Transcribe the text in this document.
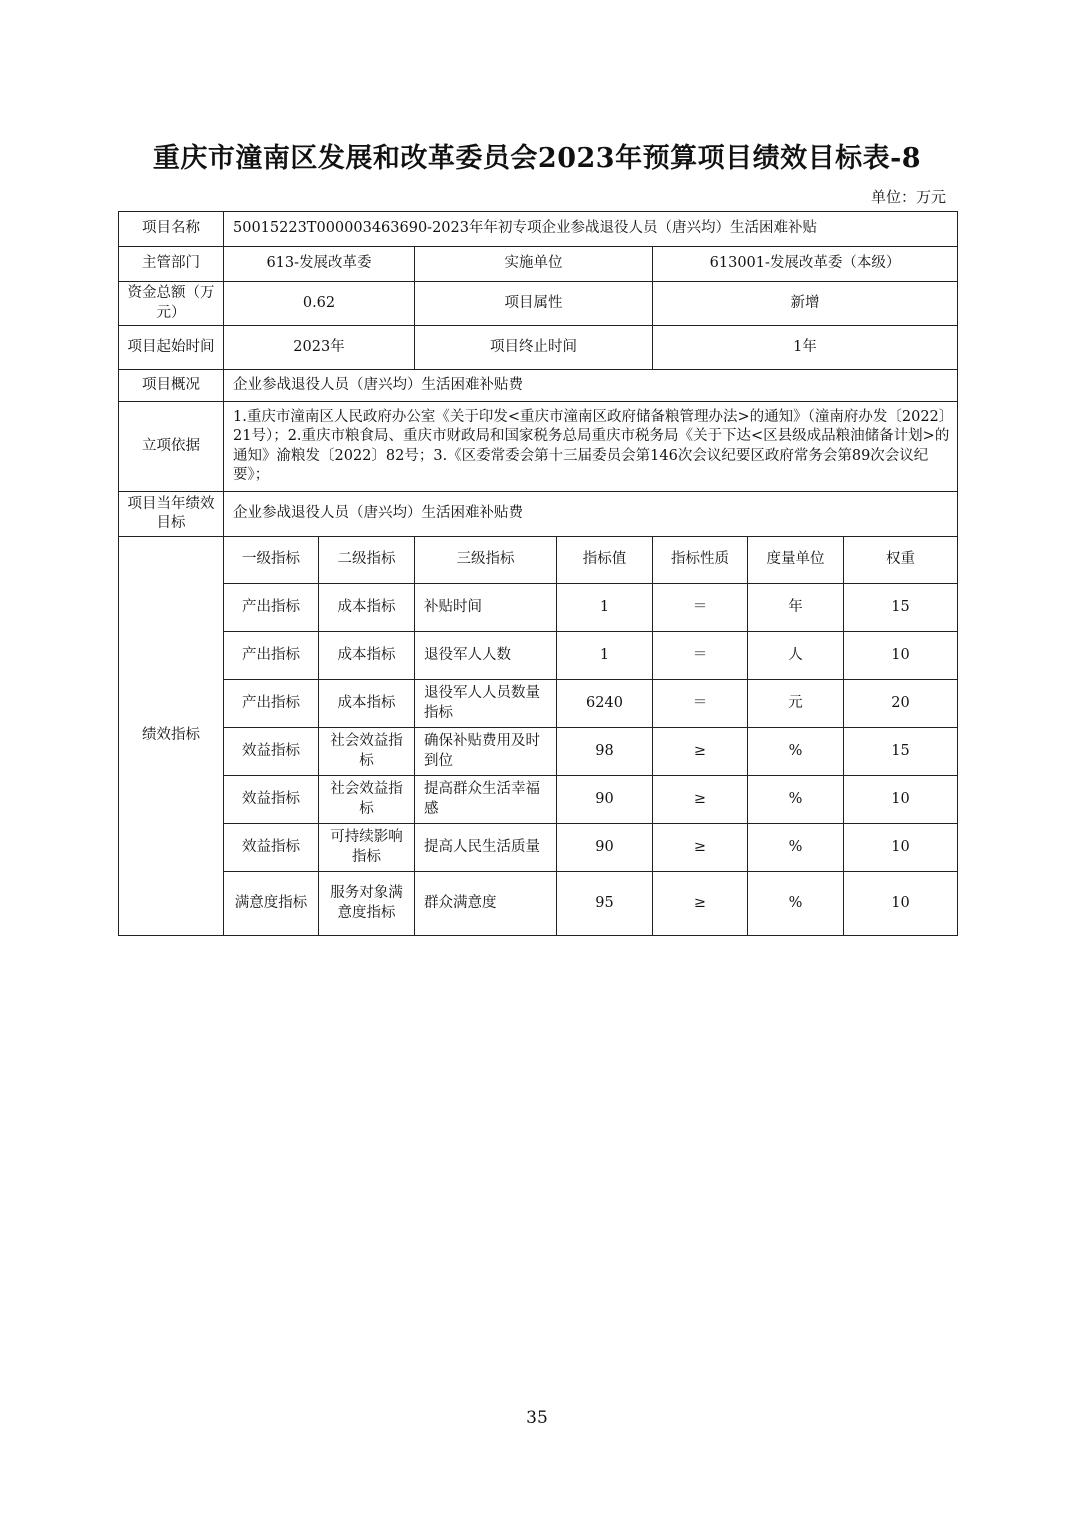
重庆市潼南区发展和改革委员会2023年预算项目绩效目标表-8
单位：万元
项目名称	50015223T000003463690-2023年年初专项企业参战退役人员（唐兴均）生活困难补贴						
主管部门	613-发展改革委		实施单位		613001-发展改革委（本级）		
资金总额（万元）	0.62		项目属性		新增		
项目起始时间	2023年		项目终止时间		1年		
项目概况	企业参战退役人员（唐兴均）生活困难补贴费						
立项依据	1.重庆市潼南区人民政府办公室《关于印发<重庆市潼南区政府储备粮管理办法>的通知》（潼南府办发〔2022〕21号）；2.重庆市粮食局、重庆市财政局和国家税务总局重庆市税务局《关于下达<区县级成品粮油储备计划>的通知》渝粮发〔2022〕82号；3.《区委常委会第十三届委员会第146次会议纪要区政府常务会第89次会议纪要》；						
项目当年绩效目标	企业参战退役人员（唐兴均）生活困难补贴费						
绩效指标	一级指标	二级指标	三级指标	指标值	指标性质	度量单位	权重
	产出指标	成本指标	补贴时间	1	＝	年	15
	产出指标	成本指标	退役军人人数	1	＝	人	10
	产出指标	成本指标	退役军人人员数量指标	6240	＝	元	20
	效益指标	社会效益指标	确保补贴费用及时到位	98	≥	%	15
	效益指标	社会效益指标	提高群众生活幸福感	90	≥	%	10
	效益指标	可持续影响指标	提高人民生活质量	90	≥	%	10
	满意度指标	服务对象满意度指标	群众满意度	95	≥	%	10
35
